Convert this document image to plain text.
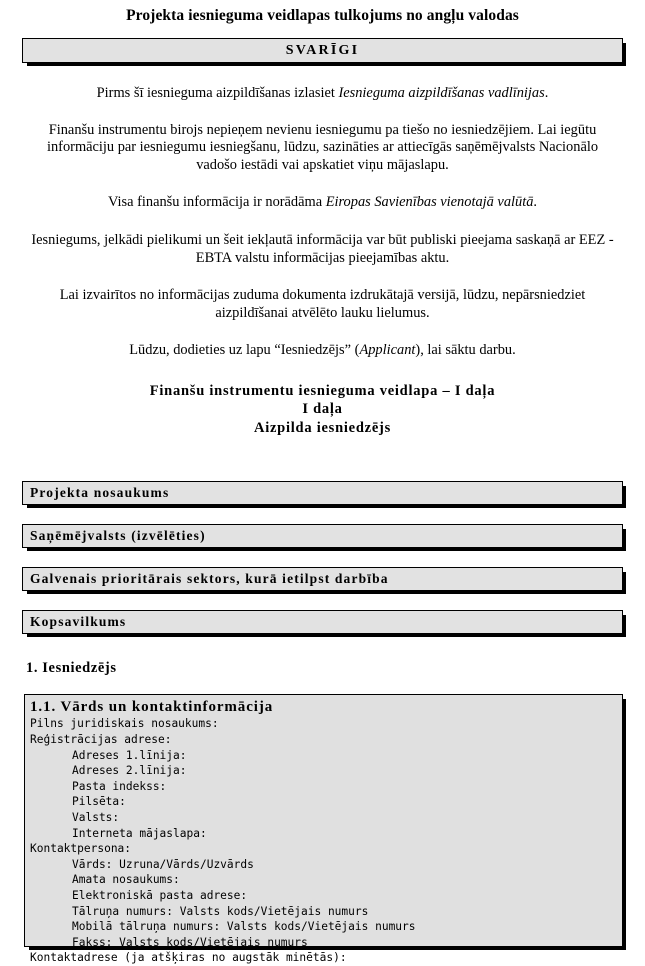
Projekta iesnieguma veidlapas tulkojums no angļu valodas
SVARĪGI

Pirms šī iesnieguma aizpildīšanas izlasiet Iesnieguma aizpildīšanas vadlīnijas.

Finanšu instrumentu birojs nepieņem nevienu iesniegumu pa tiešo no iesniedzējiem. Lai iegūtu informāciju par iesniegumu iesniegšanu, lūdzu, sazināties ar attiecīgās saņēmējvalsts Nacionālo vadošo iestādi vai apskatiet viņu mājaslapu.

Visa finanšu informācija ir norādāma Eiropas Savienības vienotajā valūtā.

Iesniegums, jelkādi pielikumi un šeit iekļautā informācija var būt publiski pieejama saskaņā ar EEZ - EBTA valstu informācijas pieejamības aktu.

Lai izvairītos no informācijas zuduma dokumenta izdrukātajā versijā, lūdzu, nepārsniedziet aizpildīšanai atvēlēto lauku lielumus.

Lūdzu, dodieties uz lapu “Iesniedzējs” (Applicant), lai sāktu darbu.

Finanšu instrumentu iesnieguma veidlapa – I daļa
I daļa
Aizpilda iesniedzējs
Projekta nosaukums
Saņēmējvalsts (izvēlēties)
Galvenais prioritārais sektors, kurā ietilpst darbība
Kopsavilkums
1. Iesniedzējs
1.1. Vārds un kontaktinformācija
Pilns juridiskais nosaukums:
Reģistrācijas adrese:
Adreses 1.līnija:
Adreses 2.līnija:
Pasta indekss:
Pilsēta:
Valsts:
Interneta mājaslapa:
Kontaktpersona:
Vārds: Uzruna/Vārds/Uzvārds
Amata nosaukums:
Elektroniskā pasta adrese:
Tālruņa numurs: Valsts kods/Vietējais numurs
Mobilā tālruņa numurs: Valsts kods/Vietējais numurs
Fakss: Valsts kods/Vietējais numurs
Kontaktadrese (ja atšķiras no augstāk minētās):
